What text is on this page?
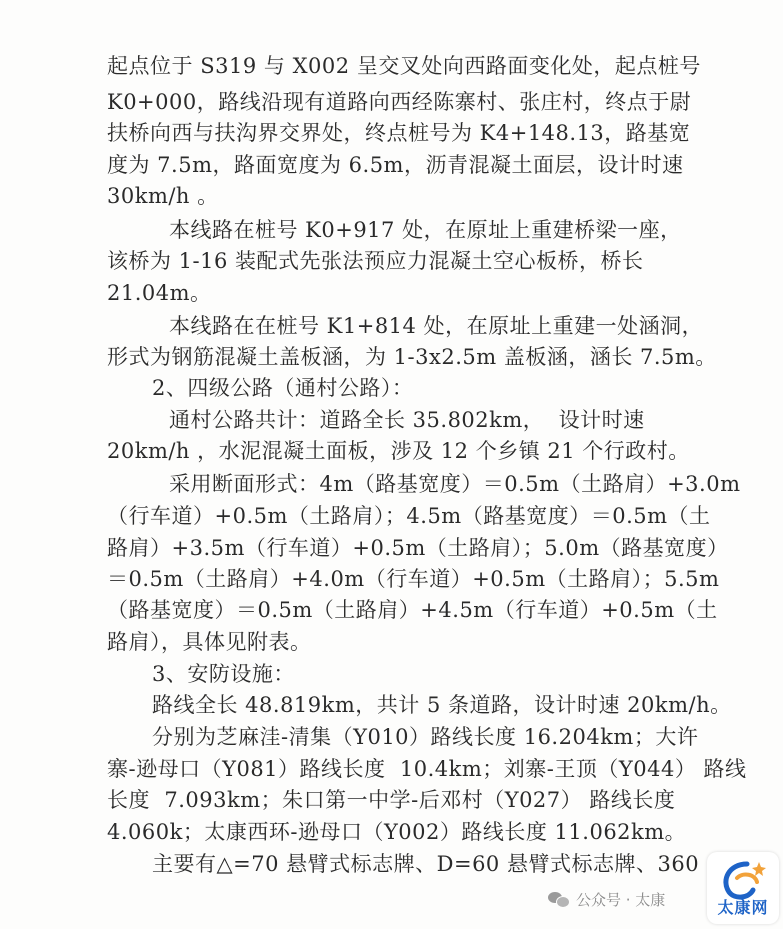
起 点 位 于
S 3 1 9
与
X 0 0 2
呈 交 叉 处 向 西 路 面 变 化 处 ， 起 点 桩 号
K0+000，路线沿现有道路向西经陈寨村、张庄村，终点于尉
扶桥向西与扶沟界交界处，终点桩号为 K4+148.13，路基宽
度为 7.5m，路面宽度为 6.5m，沥青混凝土面层，设计时速
30km/h 。
本线路在桩号 K0+917 处，在原址上重建桥梁一座，
该桥为 1-16 装配式先张法预应力混凝土空心板桥，桥长
21.04m。
本线路在在桩号 K1+814 处，在原址上重建一处涵洞，
形式为钢筋混凝土盖板涵，为 1-3x2.5m 盖板涵，涵长 7.5m。
2、四级公路（通村公路）：
通村公路共计：道路全长 35.802km，  设计时速
20km/h ，水泥混凝土面板，涉及 12 个乡镇 21 个行政村。
采用断面形式：4m（路基宽度）＝0.5m（土路肩）+3.0m
（行车道）+0.5m（土路肩）；4.5m（路基宽度）＝0.5m（土
路肩）+3.5m（行车道）+0.5m（土路肩）；5.0m（路基宽度）
＝0.5m（土路肩）+4.0m（行车道）+0.5m（土路肩）；5.5m
（路基宽度）＝0.5m（土路肩）+4.5m（行车道）+0.5m（土
路肩），具体见附表。
3、安防设施：
路线全长 48.819km，共计 5 条道路，设计时速 20km/h。
分别为芝麻洼-清集（Y010）路线长度 16.204km；大许
寨-逊母口（Y081）路线长度  10.4km；刘寨-王顶（Y044） 路线
长度  7.093km；朱口第一中学-后邓村（Y027） 路线长度
4.060k；太康西环-逊母口（Y002）路线长度 11.062km。
主要有△=70 悬臂式标志牌、D=60 悬臂式标志牌、360
公众号 · 太康	太康网
